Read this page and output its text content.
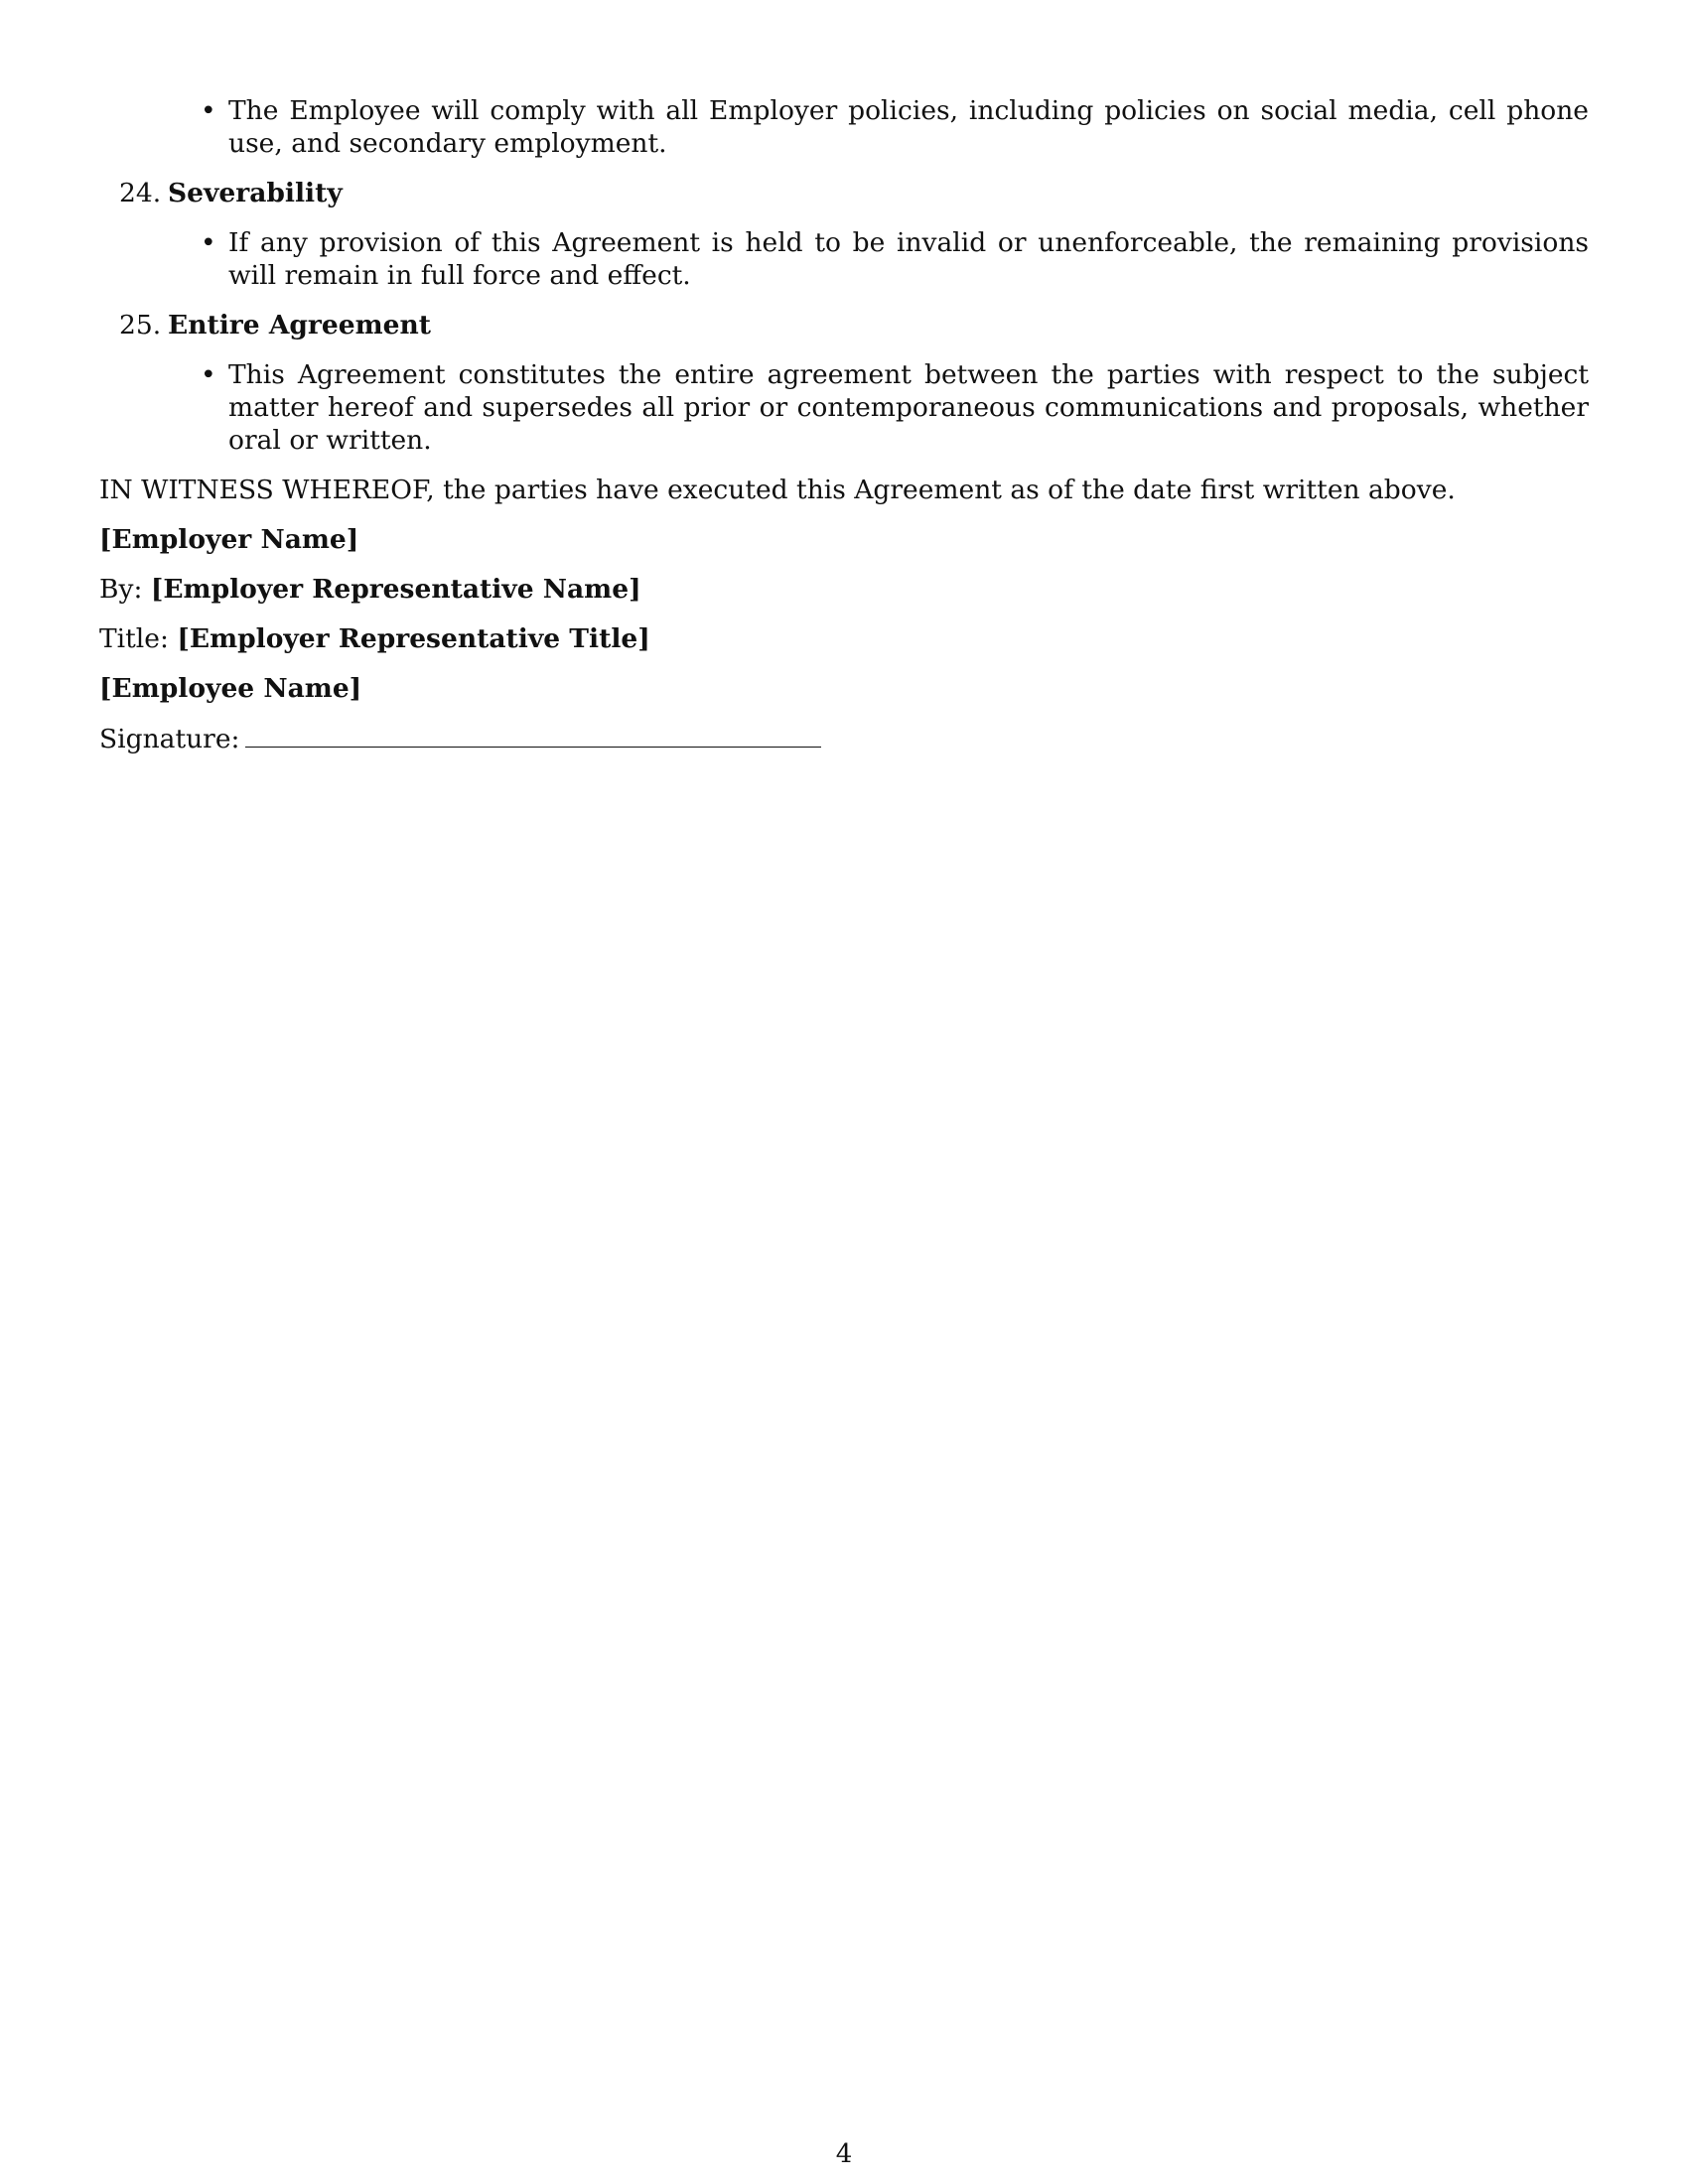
• The Employee will comply with all Employer policies, including policies on social media, cell phone use, and secondary employment.
24. Severability
• If any provision of this Agreement is held to be invalid or unenforceable, the remaining provisions will remain in full force and effect.
25. Entire Agreement
• This Agreement constitutes the entire agreement between the parties with respect to the subject matter hereof and supersedes all prior or contemporaneous communications and proposals, whether oral or written.
IN WITNESS WHEREOF, the parties have executed this Agreement as of the date first written above.
[Employer Name]
By: [Employer Representative Name]
Title: [Employer Representative Title]
[Employee Name]
Signature:
4
